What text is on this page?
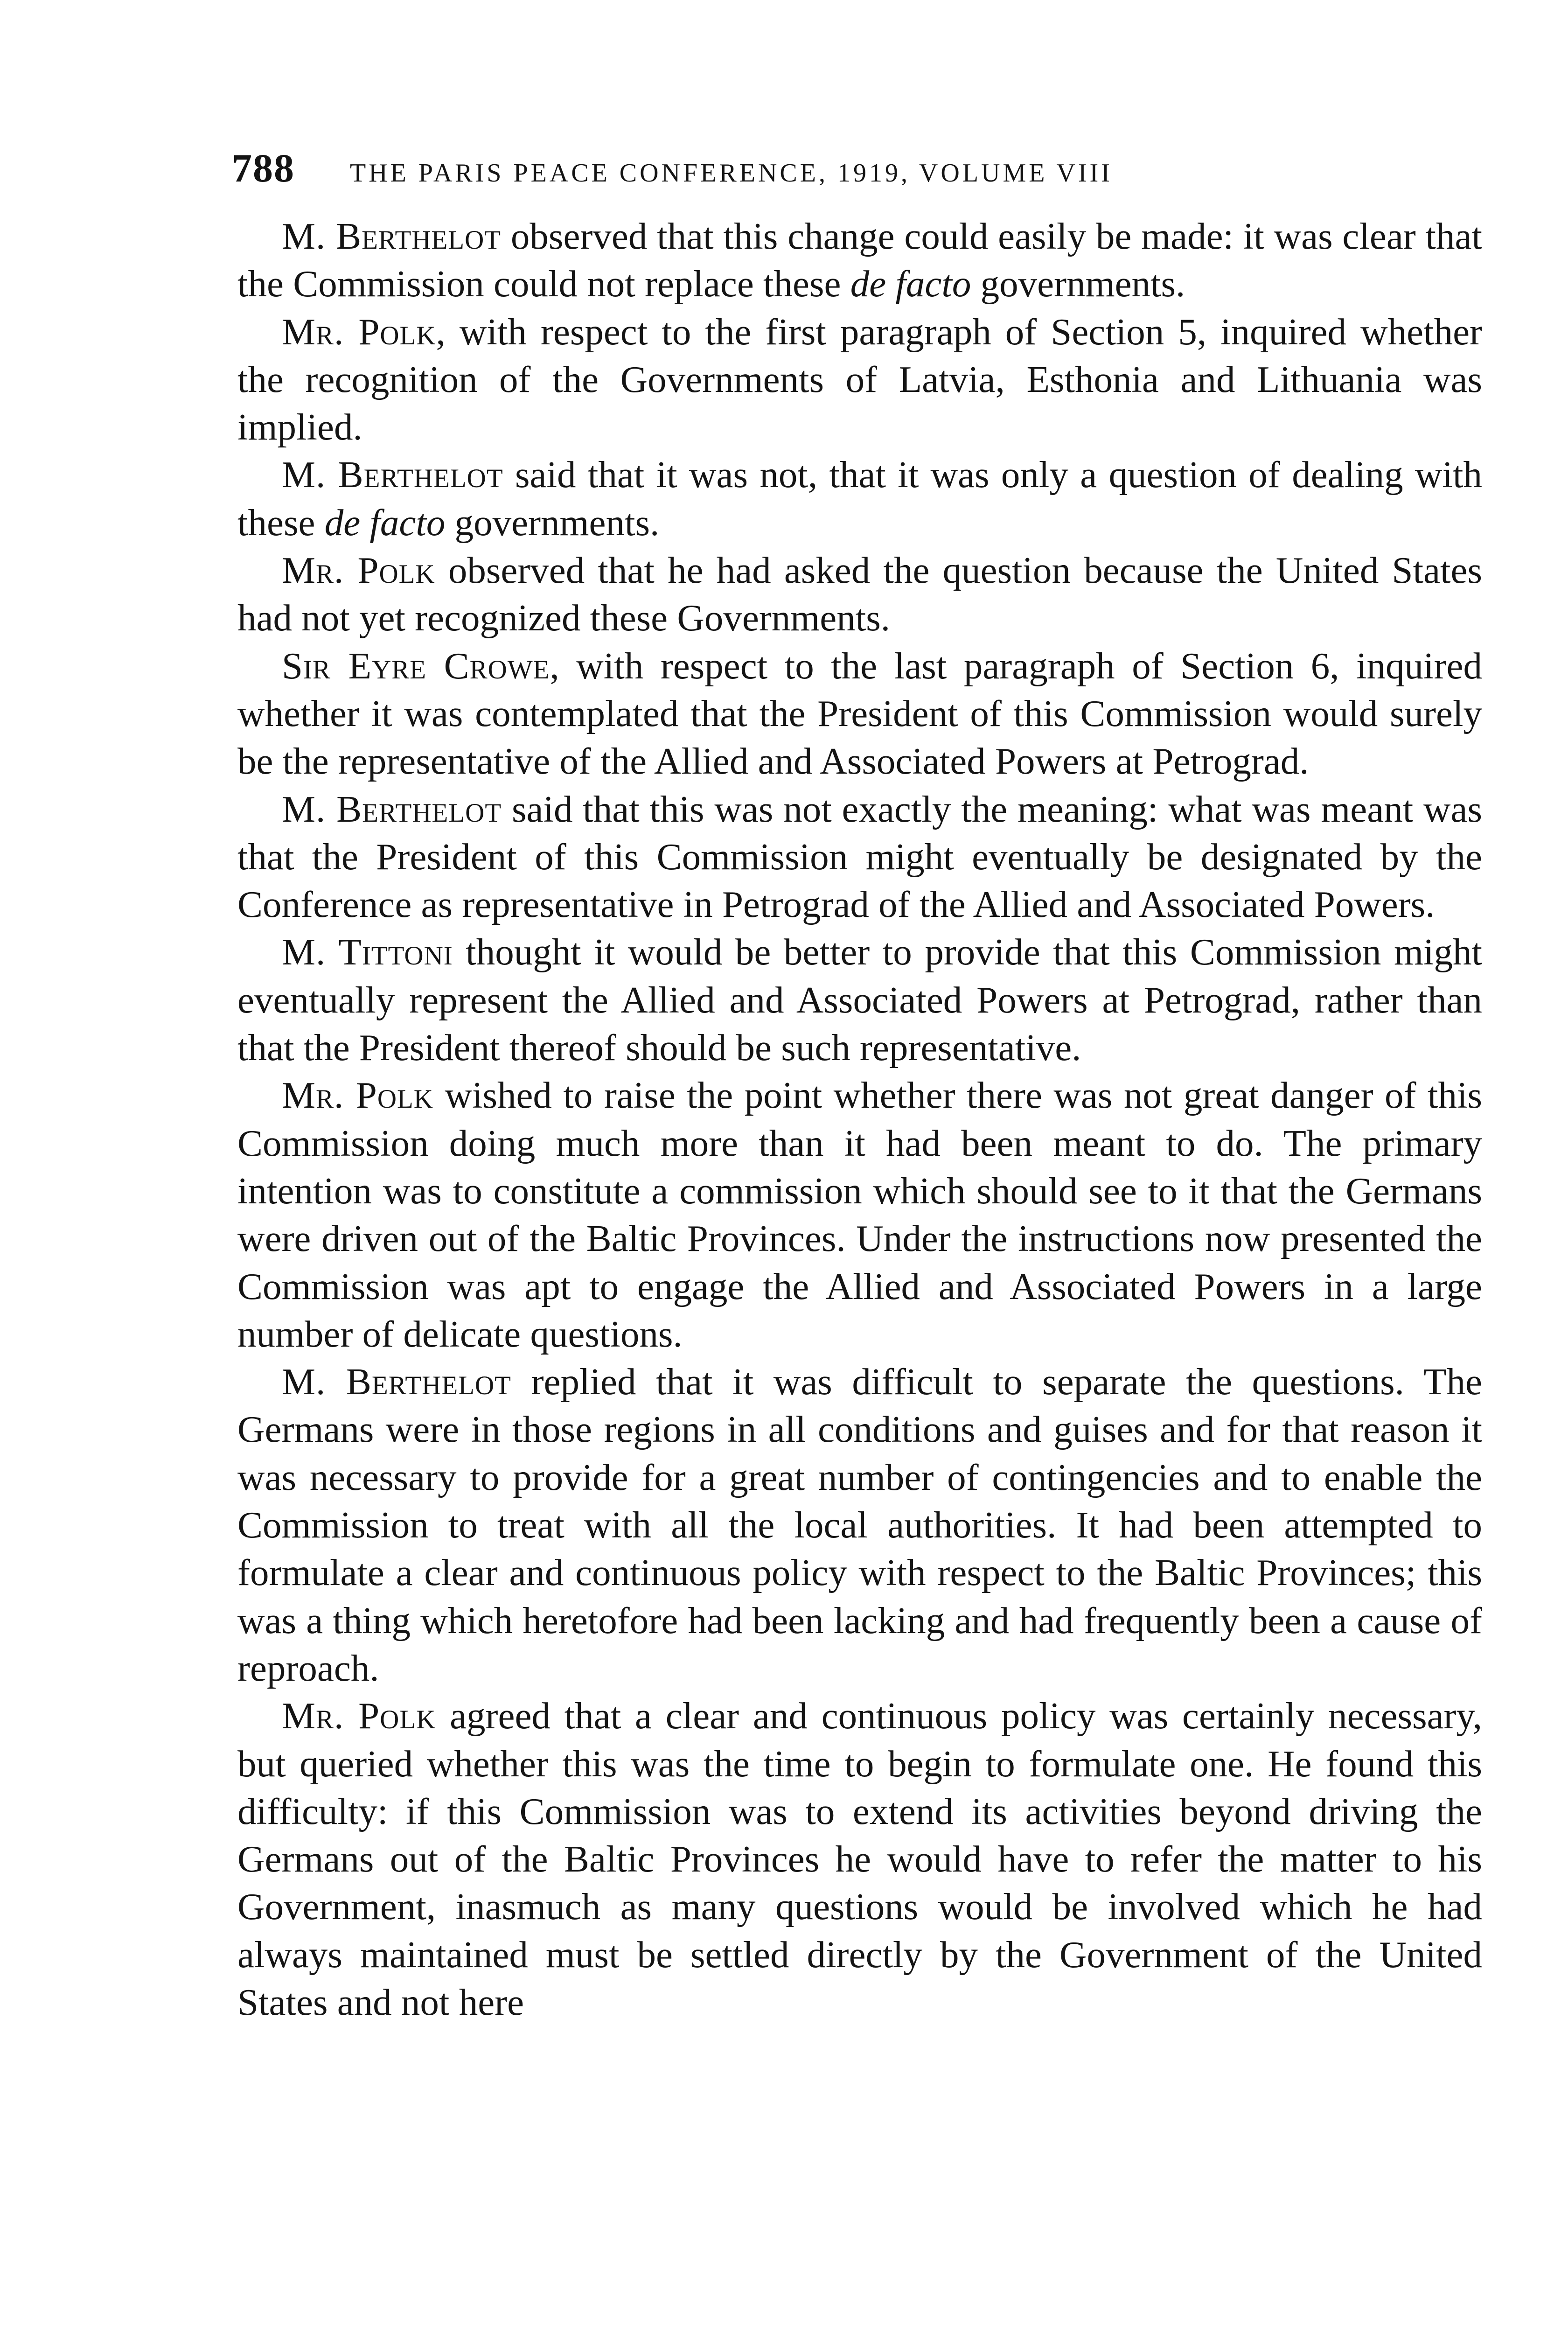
788 THE PARIS PEACE CONFERENCE, 1919, VOLUME VIII

M. Berthelot observed that this change could easily be made: it was clear that the Commission could not replace these de facto governments.

Mr. Polk, with respect to the first paragraph of Section 5, inquired whether the recognition of the Governments of Latvia, Esthonia and Lithuania was implied.

M. Berthelot said that it was not, that it was only a question of dealing with these de facto governments.

Mr. Polk observed that he had asked the question because the United States had not yet recognized these Governments.

Sir Eyre Crowe, with respect to the last paragraph of Section 6, inquired whether it was contemplated that the President of this Commission would surely be the representative of the Allied and Associated Powers at Petrograd.

M. Berthelot said that this was not exactly the meaning: what was meant was that the President of this Commission might eventually be designated by the Conference as representative in Petrograd of the Allied and Associated Powers.

M. Tittoni thought it would be better to provide that this Commission might eventually represent the Allied and Associated Powers at Petrograd, rather than that the President thereof should be such representative.

Mr. Polk wished to raise the point whether there was not great danger of this Commission doing much more than it had been meant to do. The primary intention was to constitute a commission which should see to it that the Germans were driven out of the Baltic Provinces. Under the instructions now presented the Commission was apt to engage the Allied and Associated Powers in a large number of delicate questions.

M. Berthelot replied that it was difficult to separate the questions. The Germans were in those regions in all conditions and guises and for that reason it was necessary to provide for a great number of contingencies and to enable the Commission to treat with all the local authorities. It had been attempted to formulate a clear and continuous policy with respect to the Baltic Provinces; this was a thing which heretofore had been lacking and had frequently been a cause of reproach.

Mr. Polk agreed that a clear and continuous policy was certainly necessary, but queried whether this was the time to begin to formulate one. He found this difficulty: if this Commission was to extend its activities beyond driving the Germans out of the Baltic Provinces he would have to refer the matter to his Government, inasmuch as many questions would be involved which he had always maintained must be settled directly by the Government of the United States and not here
